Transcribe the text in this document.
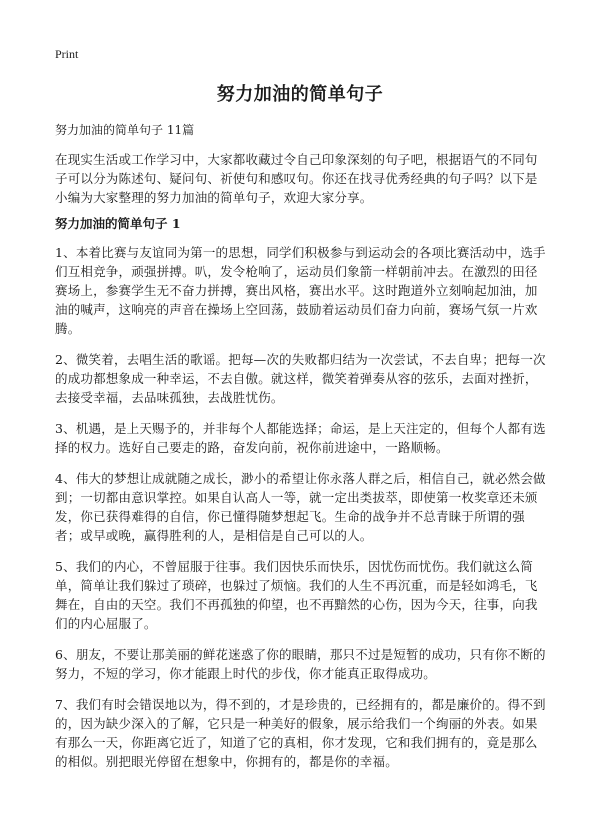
Print
努力加油的简单句子
努力加油的简单句子 11篇
在现实生活或工作学习中，大家都收藏过令自己印象深刻的句子吧，根据语气的不同句子可以分为陈述句、疑问句、祈使句和感叹句。你还在找寻优秀经典的句子吗？以下是小编为大家整理的努力加油的简单句子，欢迎大家分享。
努力加油的简单句子 1

1、本着比赛与友谊同为第一的思想，同学们积极参与到运动会的各项比赛活动中，选手们互相竞争，顽强拼搏。叭，发令枪响了，运动员们象箭一样朝前冲去。在激烈的田径赛场上，参赛学生无不奋力拼搏，赛出风格，赛出水平。这时跑道外立刻响起加油，加油的喊声，这响亮的声音在操场上空回荡，鼓励着运动员们奋力向前，赛场气氛一片欢腾。

2、微笑着，去唱生活的歌谣。把每—次的失败都归结为一次尝试，不去自卑；把每一次的成功都想象成一种幸运，不去自傲。就这样，微笑着弹奏从容的弦乐，去面对挫折，去接受幸福，去品味孤独，去战胜忧伤。

3、机遇，是上天赐予的，并非每个人都能选择；命运，是上天注定的，但每个人都有选择的权力。选好自己要走的路，奋发向前，祝你前进途中，一路顺畅。

4、伟大的梦想让成就随之成长，渺小的希望让你永落人群之后，相信自己，就必然会做到；一切都由意识掌控。如果自认高人一等，就一定出类拔萃，即使第一枚奖章还未颁发，你已获得难得的自信，你已懂得随梦想起飞。生命的战争并不总青睐于所谓的强者；或早或晚，赢得胜利的人，是相信是自己可以的人。

5、我们的内心，不曾屈服于往事。我们因快乐而快乐，因忧伤而忧伤。我们就这么简单，简单让我们躲过了琐碎，也躲过了烦恼。我们的人生不再沉重，而是轻如鸿毛，飞舞在，自由的天空。我们不再孤独的仰望，也不再黯然的心伤，因为今天，往事，向我们的内心屈服了。

6、朋友，不要让那美丽的鲜花迷惑了你的眼睛，那只不过是短暂的成功，只有你不断的努力，不短的学习，你才能跟上时代的步伐，你才能真正取得成功。

7、我们有时会错误地以为，得不到的，才是珍贵的，已经拥有的，都是廉价的。得不到的，因为缺少深入的了解，它只是一种美好的假象，展示给我们一个绚丽的外表。如果有那么一天，你距离它近了，知道了它的真相，你才发现，它和我们拥有的，竟是那么的相似。别把眼光停留在想象中，你拥有的，都是你的幸福。
